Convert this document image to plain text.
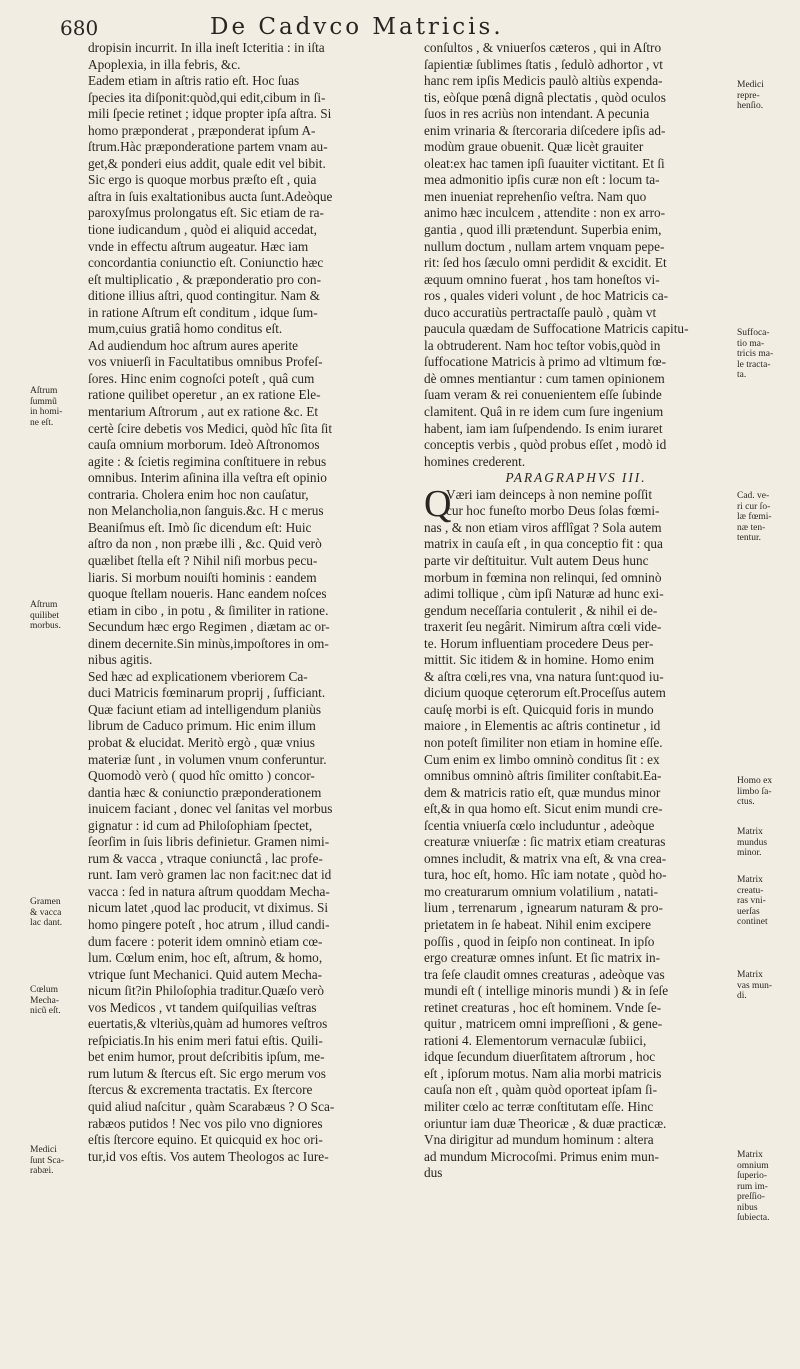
680	De Cadvco Matricis.
dropisin incurrit. In illa ineſt Icteritia : in iſta
Apoplexia, in illa febris, &c.
Eadem etiam in aſtris ratio eſt. Hoc ſuas
ſpecies ita diſponit:quòd,qui edit,cibum in ſi-
mili ſpecie retinet ; idque propter ipſa aſtra. Si
homo præponderat , præponderat ipſum A-
ſtrum.Hàc præponderatione partem vnam au-
get,& ponderi eius addit, quale edit vel bibit.
Sic ergo is quoque morbus præſto eſt , quia
aſtra in ſuis exaltationibus aucta ſunt.Adeòque
paroxyſmus prolongatus eſt. Sic etiam de ra-
tione iudicandum , quòd ei aliquid accedat,
vnde in effectu aſtrum augeatur. Hæc iam
concordantia coniunctio eſt. Coniunctio hæc
eſt multiplicatio , & præponderatio pro con-
ditione illius aſtri, quod contingitur. Nam &
in ratione Aſtrum eſt conditum , idque ſum-
mum,cuius gratiâ homo conditus eſt.
Ad audiendum hoc aſtrum aures aperite
vos vniuerſi in Facultatibus omnibus Profeſ-
ſores. Hinc enim cognoſci poteſt , quâ cum
ratione quilibet operetur , an ex ratione Ele-
mentarium Aſtrorum , aut ex ratione &c. Et
certè ſcire debetis vos Medici, quòd hîc ſita ſit
cauſa omnium morborum. Ideò Aſtronomos
agite : & ſcietis regimina conſtituere in rebus
omnibus. Interim aſinina illa veſtra eſt opinio
contraria. Cholera enim hoc non cauſatur,
non Melancholia,non ſanguis.&c. H c merus
Beaniſmus eſt. Imò ſic dicendum eſt: Huic
aſtro da non , non præbe illi , &c. Quid verò
quælibet ſtella eſt ? Nihil niſi morbus pecu-
liaris. Si morbum nouiſti hominis : eandem
quoque ſtellam noueris. Hanc eandem noſces
etiam in cibo , in potu , & ſimiliter in ratione.
Secundum hæc ergo Regimen , diætam ac or-
dinem decernite.Sin minùs,impoſtores in om-
nibus agitis.
Sed hæc ad explicationem vberiorem Ca-
duci Matricis fœminarum proprij , ſufficiant.
Quæ faciunt etiam ad intelligendum planiùs
librum de Caduco primum. Hic enim illum
probat & elucidat. Meritò ergò , quæ vnius
materiæ ſunt , in volumen vnum conferuntur.
Quomodò verò ( quod hîc omitto ) concor-
dantia hæc & coniunctio præponderationem
inuicem faciant , donec vel ſanitas vel morbus
gignatur : id cum ad Philoſophiam ſpectet,
ſeorſim in ſuis libris definietur. Gramen nimi-
rum & vacca , vtraque coniunctâ , lac profe-
runt. Iam verò gramen lac non facit:nec dat id
vacca : ſed in natura aſtrum quoddam Mecha-
nicum latet ,quod lac producit, vt diximus. Si
homo pingere poteſt , hoc atrum , illud candi-
dum facere : poterit idem omninò etiam cœ-
lum. Cœlum enim, hoc eſt, aſtrum, & homo,
vtrique ſunt Mechanici. Quid autem Mecha-
nicum ſit?in Philoſophia traditur.Quæſo verò
vos Medicos , vt tandem quiſquilias veſtras
euertatis,& vlteriùs,quàm ad humores veſtros
reſpiciatis.In his enim meri fatui eſtis. Quili-
bet enim humor, prout deſcribitis ipſum, me-
rum lutum & ſtercus eſt. Sic ergo merum vos
ſtercus & excrementa tractatis. Ex ſtercore
quid aliud naſcitur , quàm Scarabæus ? O Sca-
rabæos putidos ! Nec vos pilo vno digniores
eſtis ſtercore equino. Et quicquid ex hoc ori-
tur,id vos eſtis. Vos autem Theologos ac Iure-
conſultos , & vniuerſos cæteros , qui in Aſtro
ſapientiæ ſublimes ſtatis , ſedulò adhortor , vt
hanc rem ipſis Medicis paulò altiùs expenda-
tis, eòſque pœnâ dignâ plectatis , quòd oculos
ſuos in res acriùs non intendant. A pecunia
enim vrinaria & ſtercoraria diſcedere ipſis ad-
modùm graue obuenit. Quæ licèt grauiter
oleat:ex hac tamen ipſi ſuauiter victitant. Et ſi
mea admonitio ipſis curæ non eſt : locum ta-
men inueniat reprehenſio veſtra. Nam quo
animo hæc inculcem , attendite : non ex arro-
gantia , quod illi prætendunt. Superbia enim,
nullum doctum , nullam artem vnquam pepe-
rit: ſed hos ſæculo omni perdidit & excidit. Et
æquum omnino fuerat , hos tam honeſtos vi-
ros , quales videri volunt , de hoc Matricis ca-
duco accuratiùs pertractaſſe paulò , quàm vt
paucula quædam de Suffocatione Matricis capitu-
la obtruderent. Nam hoc teſtor vobis,quòd in
ſuffocatione Matricis à primo ad vltimum fœ-
dè omnes mentiantur : cum tamen opinionem
ſuam veram & rei conuenientem eſſe ſubinde
clamitent. Quâ in re idem cum ſure ingenium
habent, iam iam ſuſpendendo. Is enim iuraret
conceptis verbis , quòd probus eſſet , modò id
homines crederent.
PARAGRAPHVS III.
Q
Væri iam deinceps à non nemine poſſit
cur hoc funeſto morbo Deus ſolas fœmi-
nas , & non etiam viros afflîgat ? Sola autem
matrix in cauſa eſt , in qua conceptio fit : qua
parte vir deſtituitur. Vult autem Deus hunc
morbum in fœmina non relinqui, ſed omninò
adimi tollique , cùm ipſi Naturæ ad hunc exi-
gendum neceſſaria contulerit , & nihil ei de-
traxerit ſeu negârit. Nimirum aſtra cœli vide-
te. Horum influentiam procedere Deus per-
mittit. Sic itidem & in homine. Homo enim
& aſtra cœli,res vna, vna natura ſunt:quod iu-
dicium quoque cęterorum eſt.Proceſſus autem
cauſę morbi is eſt. Quicquid foris in mundo
maiore , in Elementis ac aſtris continetur , id
non poteſt ſimiliter non etiam in homine eſſe.
Cum enim ex limbo omninò conditus ſit : ex
omnibus omninò aſtris ſimiliter conſtabit.Ea-
dem & matricis ratio eſt, quæ mundus minor
eſt,& in qua homo eſt. Sicut enim mundi cre-
ſcentia vniuerſa cœlo includuntur , adeòque
creaturæ vniuerſæ : ſic matrix etiam creaturas
omnes includit, & matrix vna eſt, & vna crea-
tura, hoc eſt, homo. Hîc iam notate , quòd ho-
mo creaturarum omnium volatilium , natati-
lium , terrenarum , ignearum naturam & pro-
prietatem in ſe habeat. Nihil enim excipere
poſſis , quod in ſeipſo non contineat. In ipſo
ergo creaturæ omnes inſunt. Et ſic matrix in-
tra ſeſe claudit omnes creaturas , adeòque vas
mundi eſt ( intellige minoris mundi ) & in ſeſe
retinet creaturas , hoc eſt hominem. Vnde ſe-
quitur , matricem omni impreſſioni , & gene-
rationi 4. Elementorum vernaculæ ſubiici,
idque ſecundum diuerſitatem aſtrorum , hoc
eſt , ipſorum motus. Nam alia morbi matricis
cauſa non eſt , quàm quòd oporteat ipſam ſi-
militer cœlo ac terræ conſtitutam eſſe. Hinc
oriuntur iam duæ Theoricæ , & duæ practicæ.
Vna dirigitur ad mundum hominum : altera
ad mundum Microcoſmi. Primus enim mun-
dus
Aſtrum
ſummũ
in homi-
ne eſt.
Aſtrum
quilibet
morbus.
Gramen
& vacca
lac dant.
Cœlum
Mecha-
nicũ eſt.
Medici
ſunt Sca-
rabæi.
Medici
repre-
henſio.
Suffoca-
tio ma-
tricis ma-
le tracta-
ta.
Cad. ve-
ri cur ſo-
læ fœmi-
næ ten-
tentur.
Homo ex
limbo ſa-
ctus.
Matrix
mundus
minor.
Matrix
creatu-
ras vni-
uerſas
continet
Matrix
vas mun-
di.
Matrix
omnium
ſuperio-
rum im-
preſſio-
nibus
ſubiecta.
